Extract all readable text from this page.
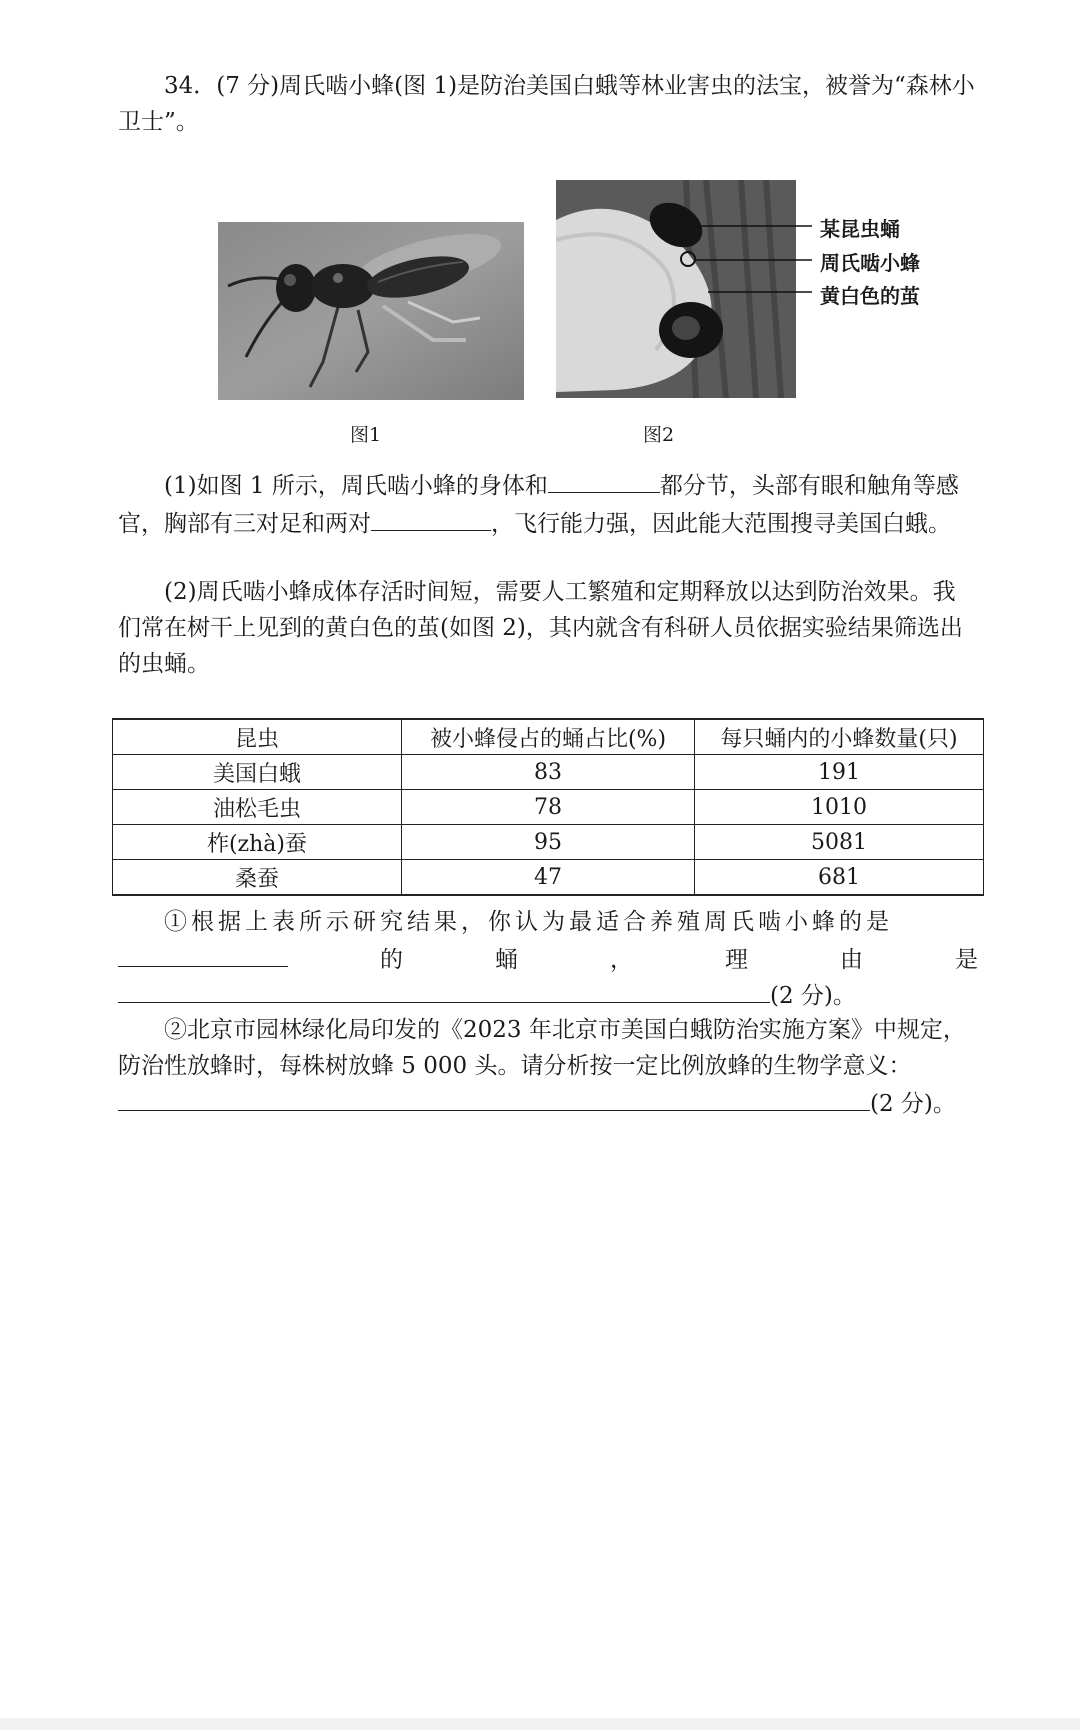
34．(7 分)周氏啮小蜂(图 1)是防治美国白蛾等林业害虫的法宝，被誉为“森林小卫士”。

图1
某昆虫蛹
周氏啮小蜂
黄白色的茧
图2

(1)如图 1 所示，周氏啮小蜂的身体和	都分节，头部有眼和触角等感官，胸部有三对足和两对	，飞行能力强，因此能大范围搜寻美国白蛾。

(2)周氏啮小蜂成体存活时间短，需要人工繁殖和定期释放以达到防治效果。我们常在树干上见到的黄白色的茧(如图 2)，其内就含有科研人员依据实验结果筛选出的虫蛹。

昆虫	被小蜂侵占的蛹占比(%)	每只蛹内的小蜂数量(只)
美国白蛾	83	191
油松毛虫	78	1010
柞(zhà)蚕	95	5081
桑蚕	47	681
①根据上表所示研究结果，你认为最适合养殖周氏啮小蜂的是
的	蛹	，	理	由	是
(2 分)。

②北京市园林绿化局印发的《2023 年北京市美国白蛾防治实施方案》中规定，防治性放蜂时，每株树放蜂 5 000 头。请分析按一定比例放蜂的生物学意义：

(2 分)。
